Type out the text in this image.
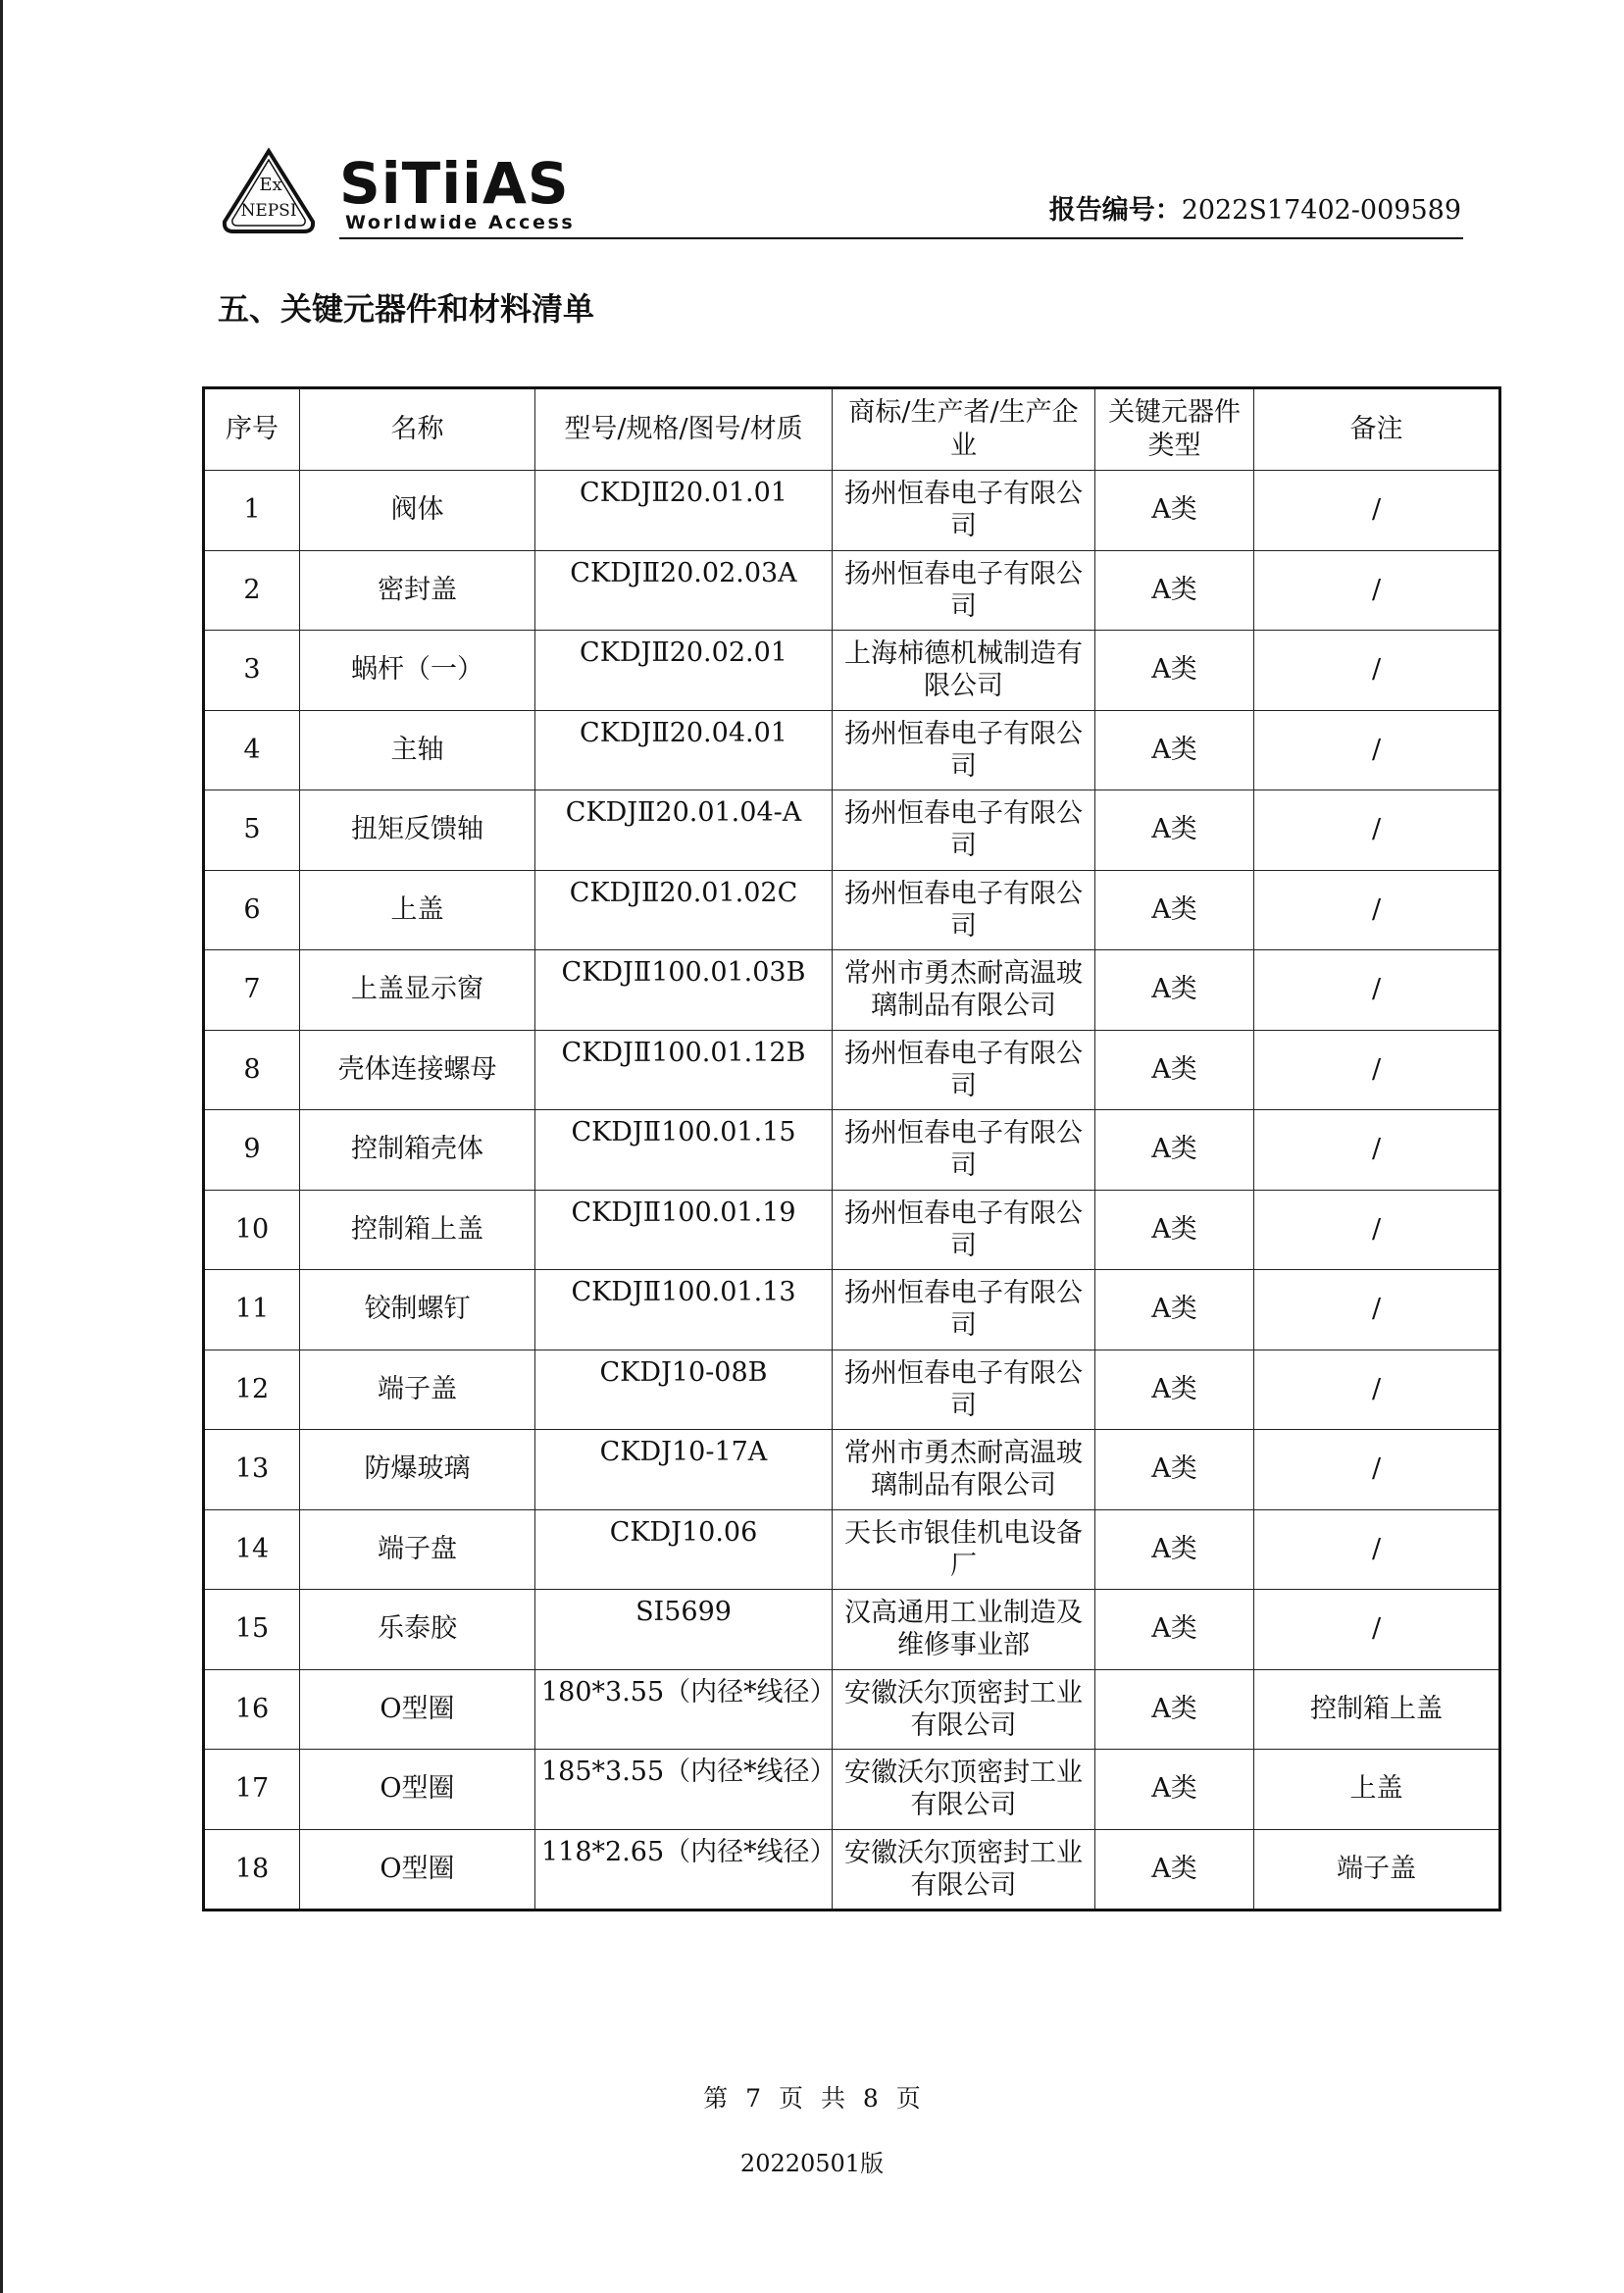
Ex
NEPSI SiTiiAS
Worldwide Access	报告编号：2022S17402-009589
五、关键元器件和材料清单
序号	名称	型号/规格/图号/材质	商标/生产者/生产企业	关键元器件类型	备注
1	阀体	CKDJⅡ20.01.01	扬州恒春电子有限公司	A类	/
2	密封盖	CKDJⅡ20.02.03A	扬州恒春电子有限公司	A类	/
3	蜗杆（一）	CKDJⅡ20.02.01	上海柿德机械制造有限公司	A类	/
4	主轴	CKDJⅡ20.04.01	扬州恒春电子有限公司	A类	/
5	扭矩反馈轴	CKDJⅡ20.01.04-A	扬州恒春电子有限公司	A类	/
6	上盖	CKDJⅡ20.01.02C	扬州恒春电子有限公司	A类	/
7	上盖显示窗	CKDJⅡ100.01.03B	常州市勇杰耐高温玻璃制品有限公司	A类	/
8	壳体连接螺母	CKDJⅡ100.01.12B	扬州恒春电子有限公司	A类	/
9	控制箱壳体	CKDJⅡ100.01.15	扬州恒春电子有限公司	A类	/
10	控制箱上盖	CKDJⅡ100.01.19	扬州恒春电子有限公司	A类	/
11	铰制螺钉	CKDJⅡ100.01.13	扬州恒春电子有限公司	A类	/
12	端子盖	CKDJ10-08B	扬州恒春电子有限公司	A类	/
13	防爆玻璃	CKDJ10-17A	常州市勇杰耐高温玻璃制品有限公司	A类	/
14	端子盘	CKDJ10.06	天长市银佳机电设备厂	A类	/
15	乐泰胶	SI5699	汉高通用工业制造及维修事业部	A类	/
16	O型圈	180*3.55（内径*线径）	安徽沃尔顶密封工业有限公司	A类	控制箱上盖
17	O型圈	185*3.55（内径*线径）	安徽沃尔顶密封工业有限公司	A类	上盖
18	O型圈	118*2.65（内径*线径）	安徽沃尔顶密封工业有限公司	A类	端子盖
第 7 页 共 8 页
20220501版
